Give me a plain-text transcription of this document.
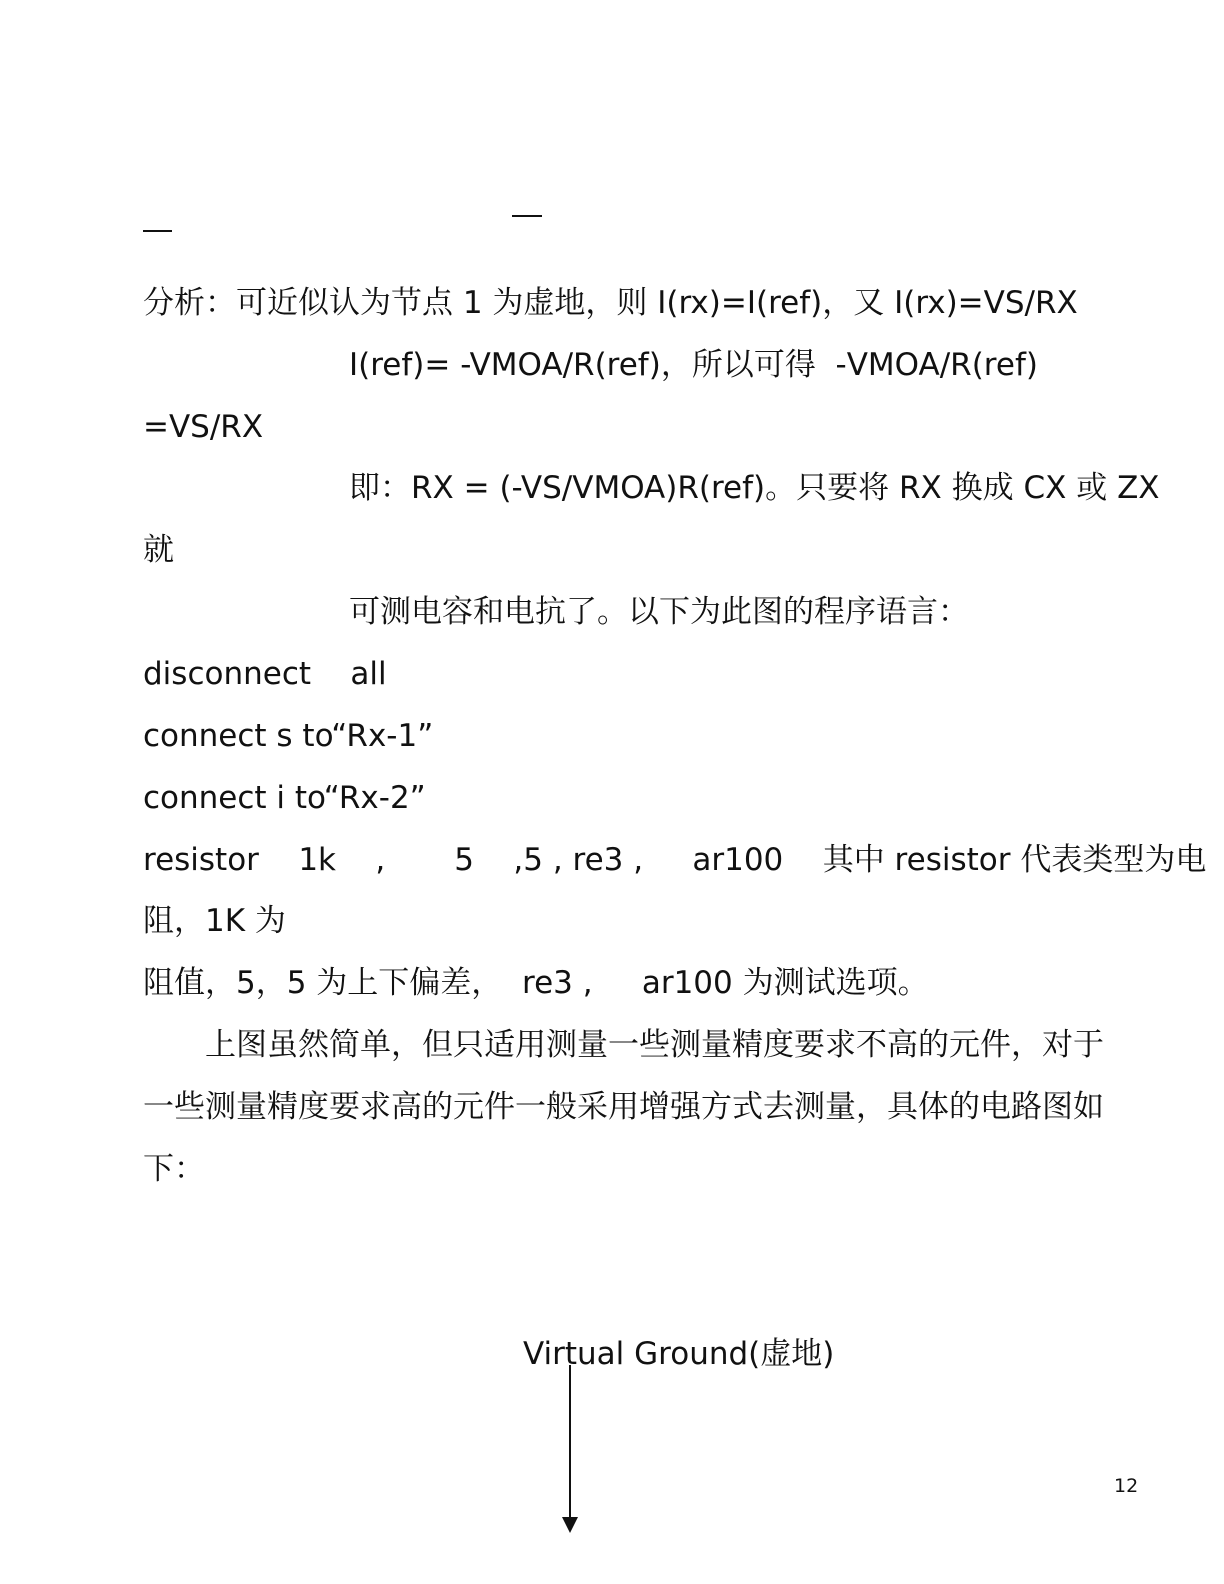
分析：可近似认为节点 1 为虚地，则 I(rx)=I(ref)，又 I(rx)=VS/RX
I(ref)= -VMOA/R(ref)，所以可得  -VMOA/R(ref)
=VS/RX
即：RX = (-VS/VMOA)R(ref)。只要将 RX 换成 CX 或 ZX
就
可测电容和电抗了。以下为此图的程序语言：
disconnect    all
connect s to“Rx-1”
connect i to“Rx-2”
resistor    1k    ,       5    ,5 , re3 ,     ar100    其中 resistor 代表类型为电
阻，1K 为
阻值，5，5 为上下偏差，  re3 ,     ar100 为测试选项。
上图虽然简单，但只适用测量一些测量精度要求不高的元件，对于
一些测量精度要求高的元件一般采用增强方式去测量，具体的电路图如
下：
Virtual Ground(虚地)
12
